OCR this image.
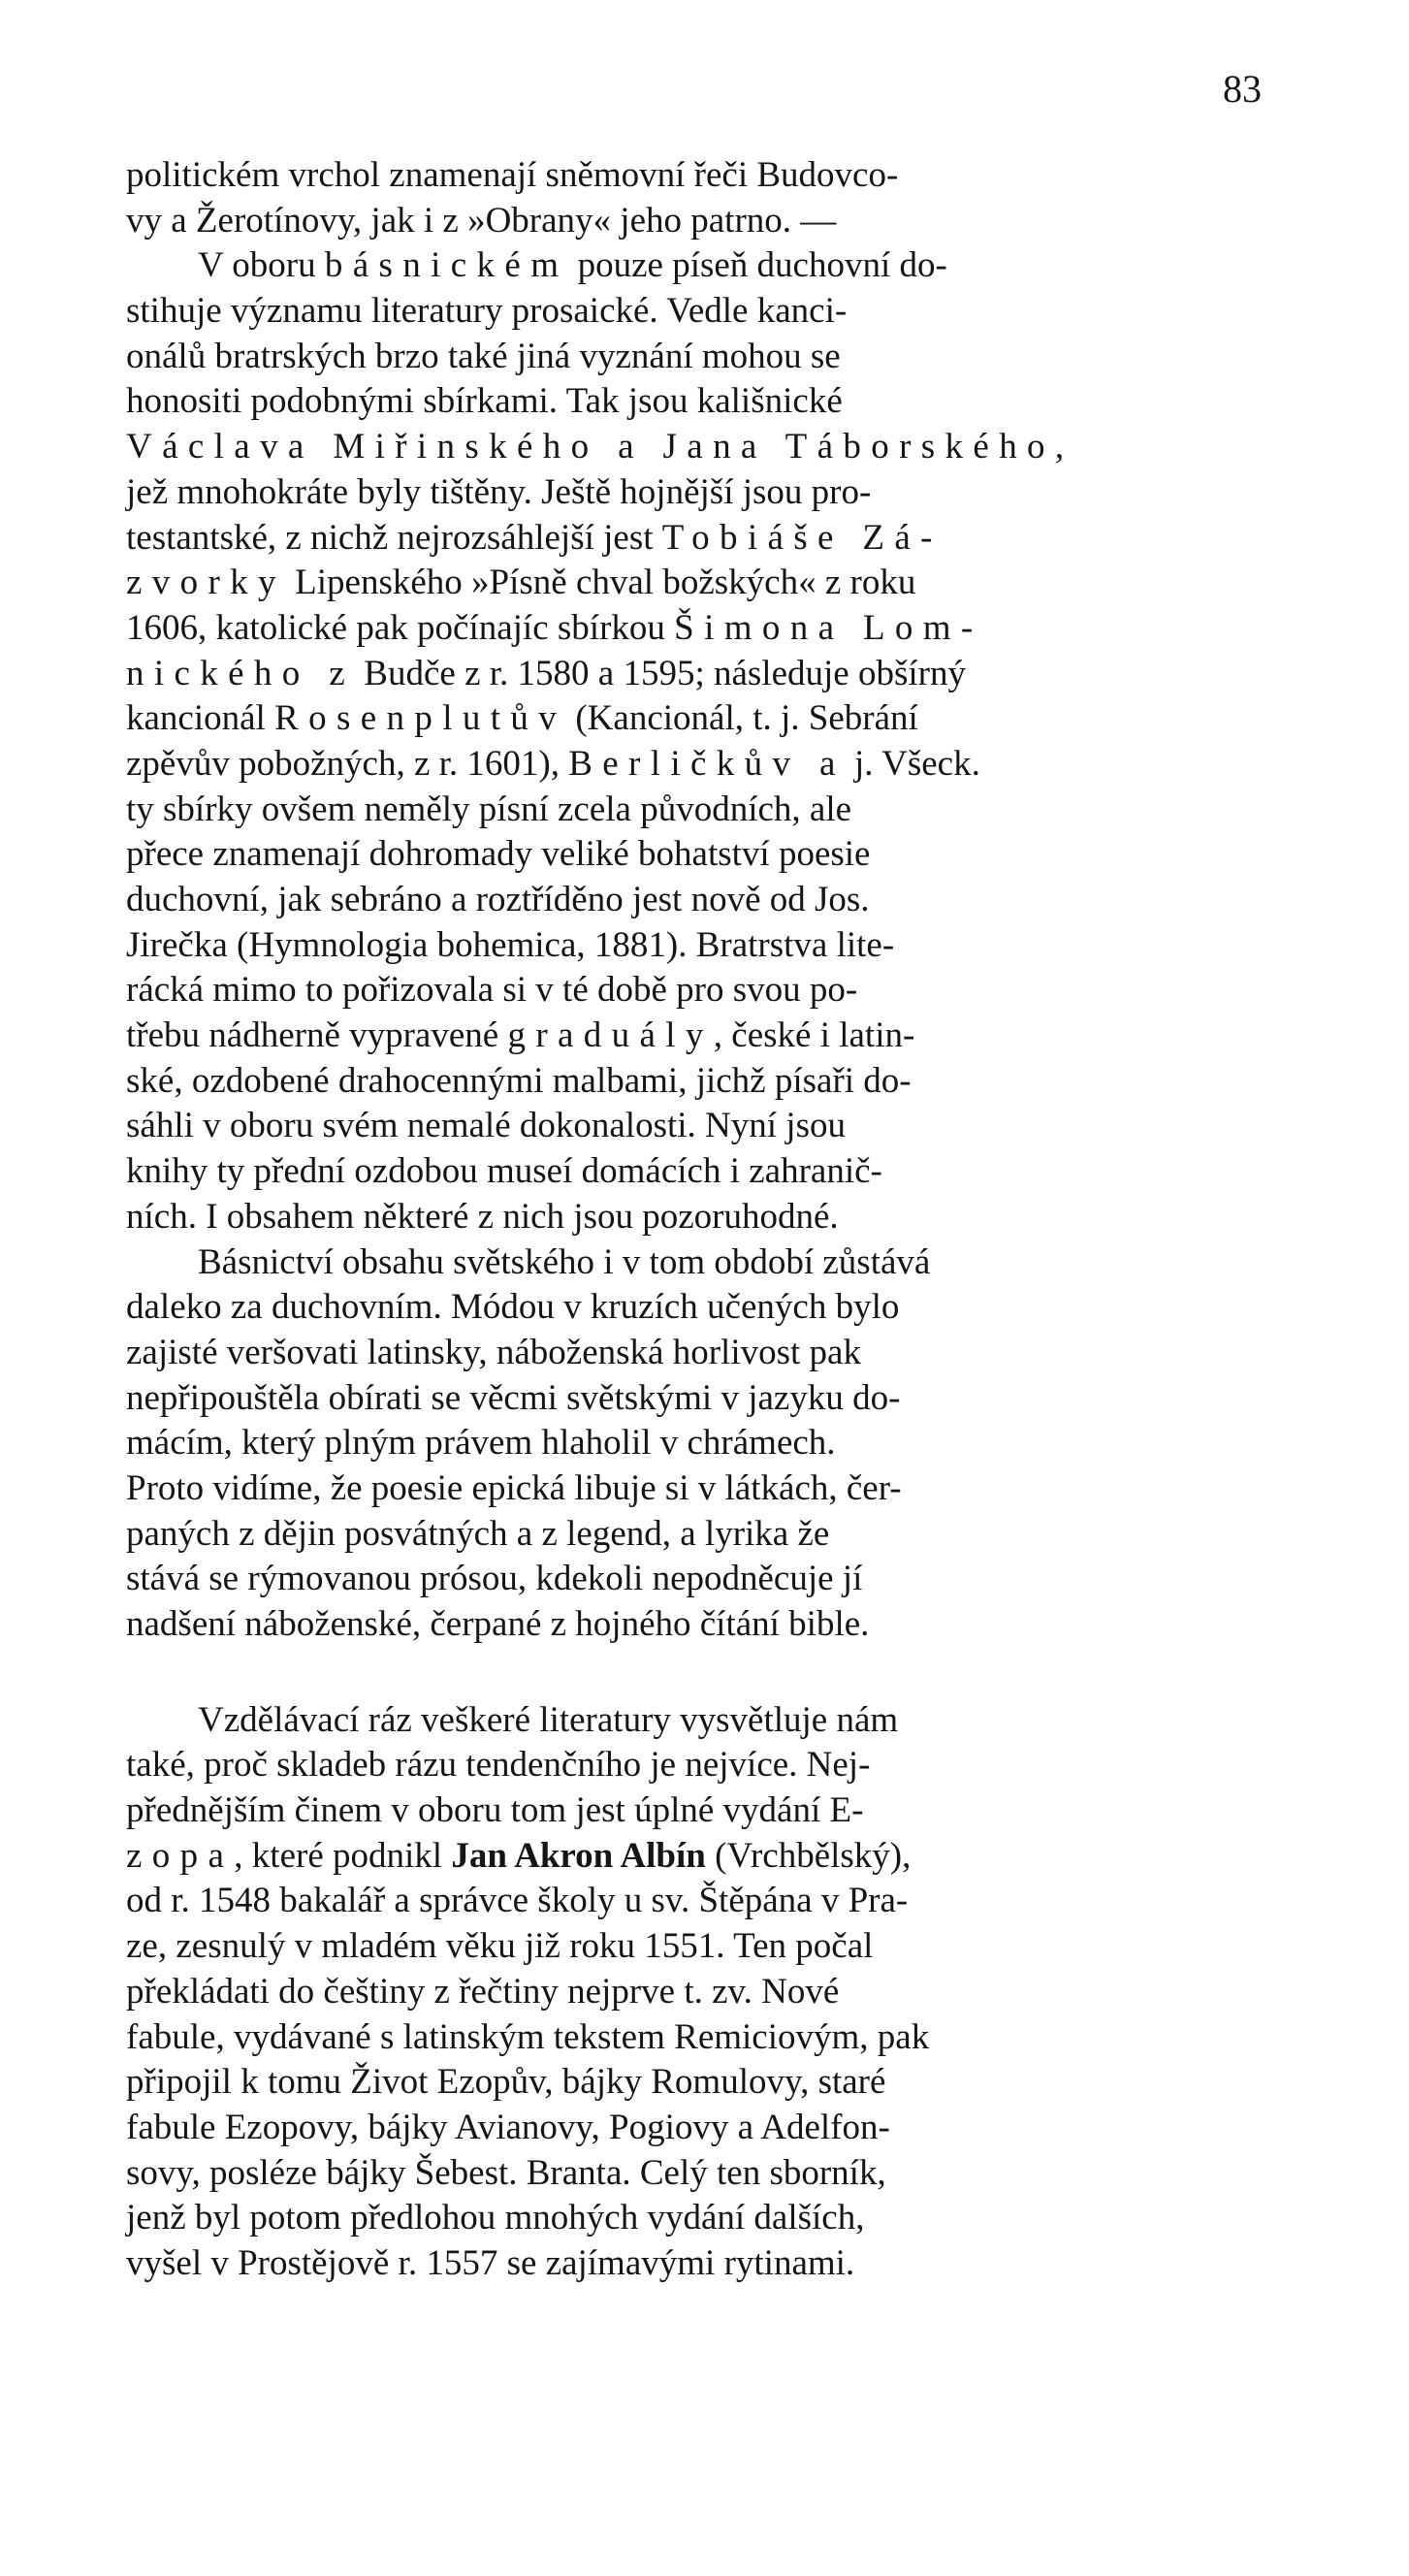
83
politickém vrchol znamenají sněmovní řeči Budovco-
vy a Žerotínovy, jak i z »Obrany« jeho patrno. —
V oboru básnickém pouze píseň duchovní do-
stihuje významu literatury prosaické. Vedle kanci-
onálů bratrských brzo také jiná vyznání mohou se
honositi podobnými sbírkami. Tak jsou kališnické
Václava Miřinského a Jana Táborského,
jež mnohokráte byly tištěny. Ještě hojnější jsou pro-
testantské, z nichž nejrozsáhlejší jest Tobiáše Zá-
zvorky Lipenského »Písně chval božských« z roku
1606, katolické pak počínajíc sbírkou Šimona Lom-
nického z Budče z r. 1580 a 1595; následuje obšírný
kancionál Rosenplutův (Kancionál, t. j. Sebrání
zpěvův pobožných, z r. 1601), Berličkův a j. Všeck.
ty sbírky ovšem neměly písní zcela původních, ale
přece znamenají dohromady veliké bohatství poesie
duchovní, jak sebráno a roztříděno jest nově od Jos.
Jirečka (Hymnologia bohemica, 1881). Bratrstva lite-
rácká mimo to pořizovala si v té době pro svou po-
třebu nádherně vypravené graduály, české i latin-
ské, ozdobené drahocennými malbami, jichž písaři do-
sáhli v oboru svém nemalé dokonalosti. Nyní jsou
knihy ty přední ozdobou museí domácích i zahranič-
ních. I obsahem některé z nich jsou pozoruhodné.
Básnictví obsahu světského i v tom období zůstává
daleko za duchovním. Módou v kruzích učených bylo
zajisté veršovati latinsky, náboženská horlivost pak
nepřipouštěla obírati se věcmi světskými v jazyku do-
mácím, který plným právem hlaholil v chrámech.
Proto vidíme, že poesie epická libuje si v látkách, čer-
paných z dějin posvátných a z legend, a lyrika že
stává se rýmovanou prósou, kdekoli nepodněcuje jí
nadšení náboženské, čerpané z hojného čítání bible.
Vzdělávací ráz veškeré literatury vysvětluje nám
také, proč skladeb rázu tendenčního je nejvíce. Nej-
přednějším činem v oboru tom jest úplné vydání E-
zopa, které podnikl Jan Akron Albín (Vrchbělský),
od r. 1548 bakalář a správce školy u sv. Štěpána v Pra-
ze, zesnulý v mladém věku již roku 1551. Ten počal
překládati do češtiny z řečtiny nejprve t. zv. Nové
fabule, vydávané s latinským tekstem Remiciovým, pak
připojil k tomu Život Ezopův, bájky Romulovy, staré
fabule Ezopovy, bájky Avianovy, Pogiovy a Adelfon-
sovy, posléze bájky Šebest. Branta. Celý ten sborník,
jenž byl potom předlohou mnohých vydání dalších,
vyšel v Prostějově r. 1557 se zajímavými rytinami.
